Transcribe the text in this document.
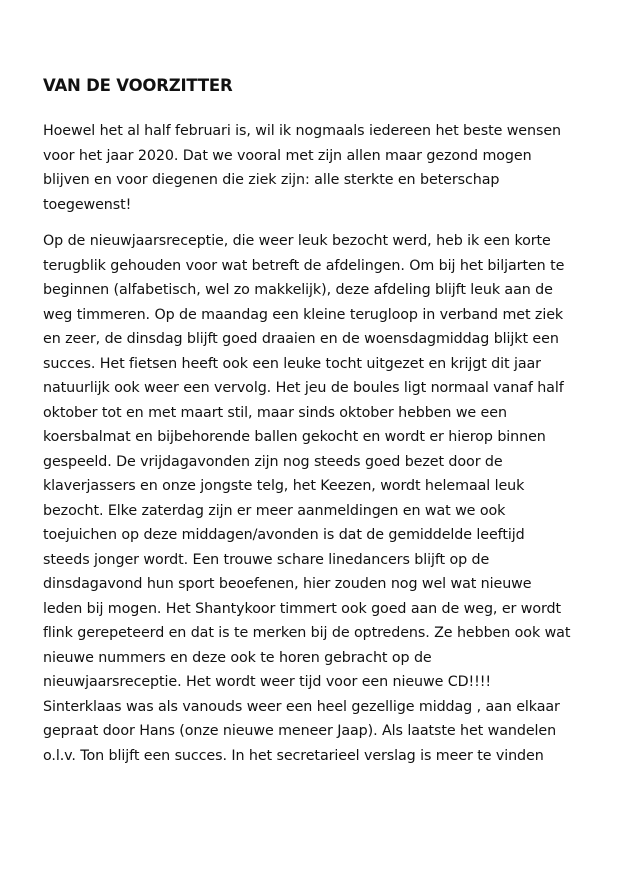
VAN DE VOORZITTER

Hoewel het al half februari is, wil ik nogmaals iedereen het beste wensen
voor het jaar 2020. Dat we vooral met zijn allen maar gezond mogen
blijven en voor diegenen die ziek zijn: alle sterkte en beterschap
toegewenst!

Op de nieuwjaarsreceptie, die weer leuk bezocht werd, heb ik een korte
terugblik gehouden voor wat betreft de afdelingen. Om bij het biljarten te
beginnen (alfabetisch, wel zo makkelijk), deze afdeling blijft leuk aan de
weg timmeren. Op de maandag een kleine terugloop in verband met ziek
en zeer, de dinsdag blijft goed draaien en de woensdagmiddag blijkt een
succes. Het fietsen heeft ook een leuke tocht uitgezet en krijgt dit jaar
natuurlijk ook weer een vervolg. Het jeu de boules ligt normaal vanaf half
oktober tot en met maart stil, maar sinds oktober hebben we een
koersbalmat en bijbehorende ballen gekocht en wordt er hierop binnen
gespeeld. De vrijdagavonden zijn nog steeds goed bezet door de
klaverjassers en onze jongste telg, het Keezen, wordt helemaal leuk
bezocht. Elke zaterdag zijn er meer aanmeldingen en wat we ook
toejuichen op deze middagen/avonden is dat de gemiddelde leeftijd
steeds jonger wordt. Een trouwe schare linedancers blijft op de
dinsdagavond hun sport beoefenen, hier zouden nog wel wat nieuwe
leden bij mogen. Het Shantykoor timmert ook goed aan de weg, er wordt
flink gerepeteerd en dat is te merken bij de optredens. Ze hebben ook wat
nieuwe nummers en deze ook te horen gebracht op de
nieuwjaarsreceptie. Het wordt weer tijd voor een nieuwe CD!!!!
Sinterklaas was als vanouds weer een heel gezellige middag , aan elkaar
gepraat door Hans (onze nieuwe meneer Jaap). Als laatste het wandelen
o.l.v. Ton blijft een succes. In het secretarieel verslag is meer te vinden
